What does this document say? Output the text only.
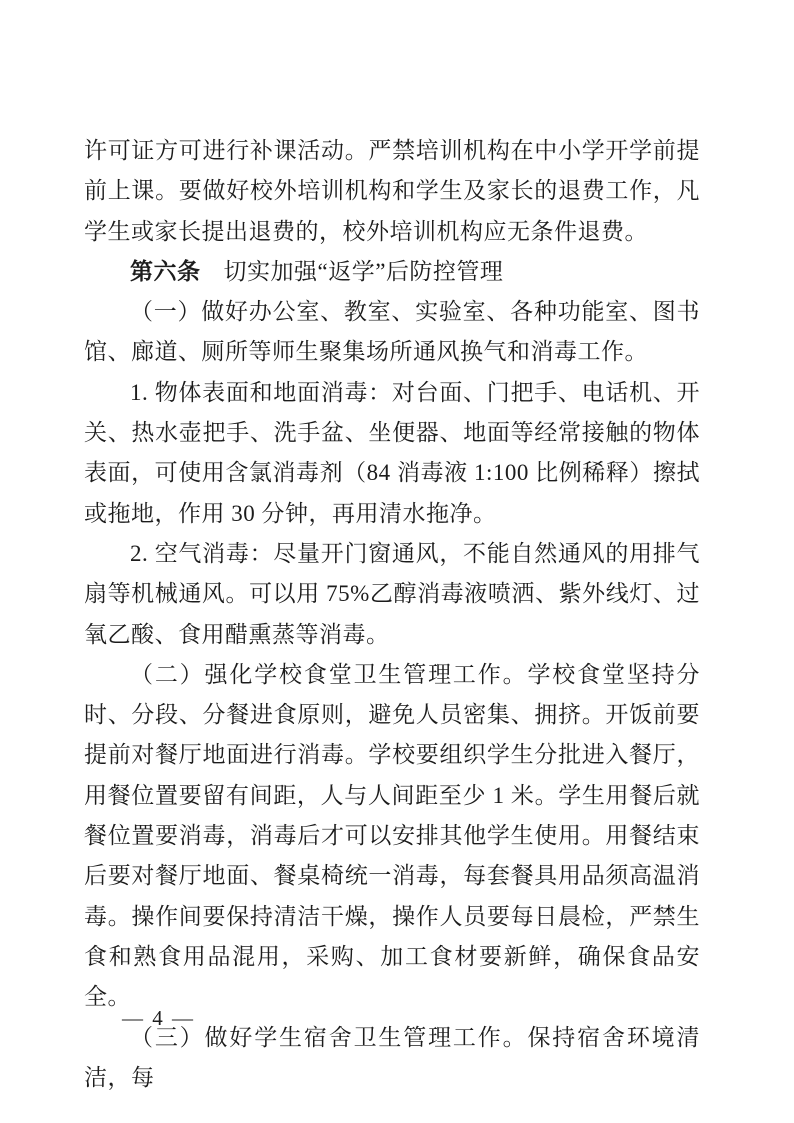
许可证方可进行补课活动。严禁培训机构在中小学开学前提前上课。要做好校外培训机构和学生及家长的退费工作，凡学生或家长提出退费的，校外培训机构应无条件退费。

第六条 切实加强“返学”后防控管理

（一）做好办公室、教室、实验室、各种功能室、图书馆、廊道、厕所等师生聚集场所通风换气和消毒工作。

1. 物体表面和地面消毒：对台面、门把手、电话机、开关、热水壶把手、洗手盆、坐便器、地面等经常接触的物体表面，可使用含氯消毒剂（84 消毒液 1:100 比例稀释）擦拭或拖地，作用 30 分钟，再用清水拖净。

2. 空气消毒：尽量开门窗通风，不能自然通风的用排气扇等机械通风。可以用 75%乙醇消毒液喷洒、紫外线灯、过氧乙酸、食用醋熏蒸等消毒。

（二）强化学校食堂卫生管理工作。学校食堂坚持分时、分段、分餐进食原则，避免人员密集、拥挤。开饭前要提前对餐厅地面进行消毒。学校要组织学生分批进入餐厅，用餐位置要留有间距，人与人间距至少 1 米。学生用餐后就餐位置要消毒，消毒后才可以安排其他学生使用。用餐结束后要对餐厅地面、餐桌椅统一消毒，每套餐具用品须高温消毒。操作间要保持清洁干燥，操作人员要每日晨检，严禁生食和熟食用品混用，采购、加工食材要新鲜，确保食品安全。

（三）做好学生宿舍卫生管理工作。保持宿舍环境清洁，每

— 4 —
